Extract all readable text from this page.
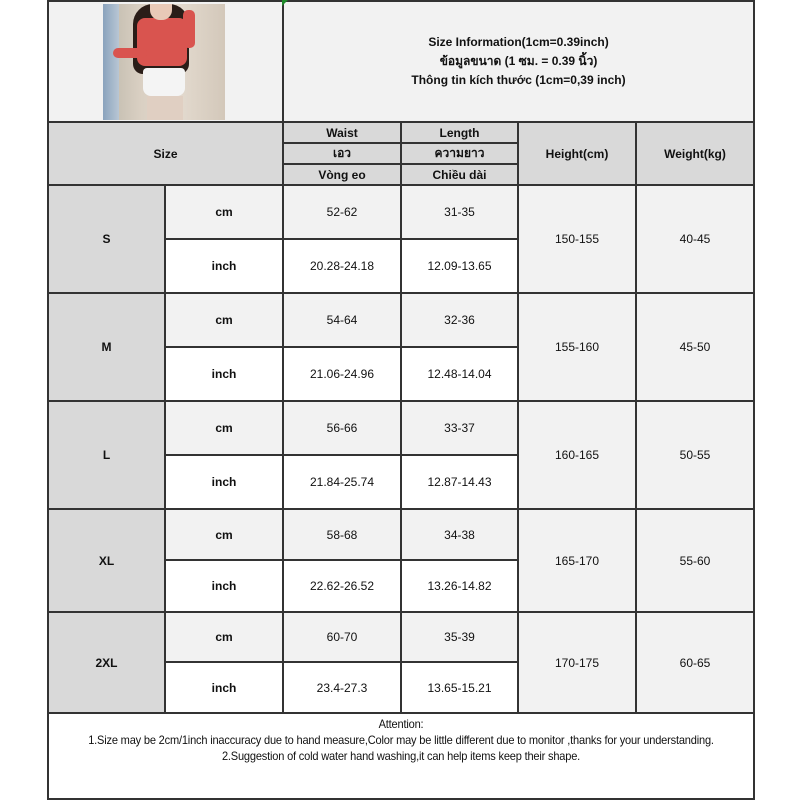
		Size Information(1cm=0.39inch)
ข้อมูลขนาด (1 ซม. = 0.39 นิ้ว)
Thông tin kích thước (1cm=0,39 inch)			

Size		Waist	Length	Height(cm)	Weight(kg)
		เอว	ความยาว		
		Vòng eo	Chiều dài		
S	cm	52-62	31-35	150-155	40-45
	inch	20.28-24.18	12.09-13.65		
M	cm	54-64	32-36	155-160	45-50
	inch	21.06-24.96	12.48-14.04		
L	cm	56-66	33-37	160-165	50-55
	inch	21.84-25.74	12.87-14.43		
XL	cm	58-68	34-38	165-170	55-60
	inch	22.62-26.52	13.26-14.82		
2XL	cm	60-70	35-39	170-175	60-65
	inch	23.4-27.3	13.65-15.21		

Attention:
1.Size may be 2cm/1inch inaccuracy due to hand measure,Color may be little different due to monitor ,thanks for your understanding.
2.Suggestion of cold water hand washing,it can help items keep their shape.					
